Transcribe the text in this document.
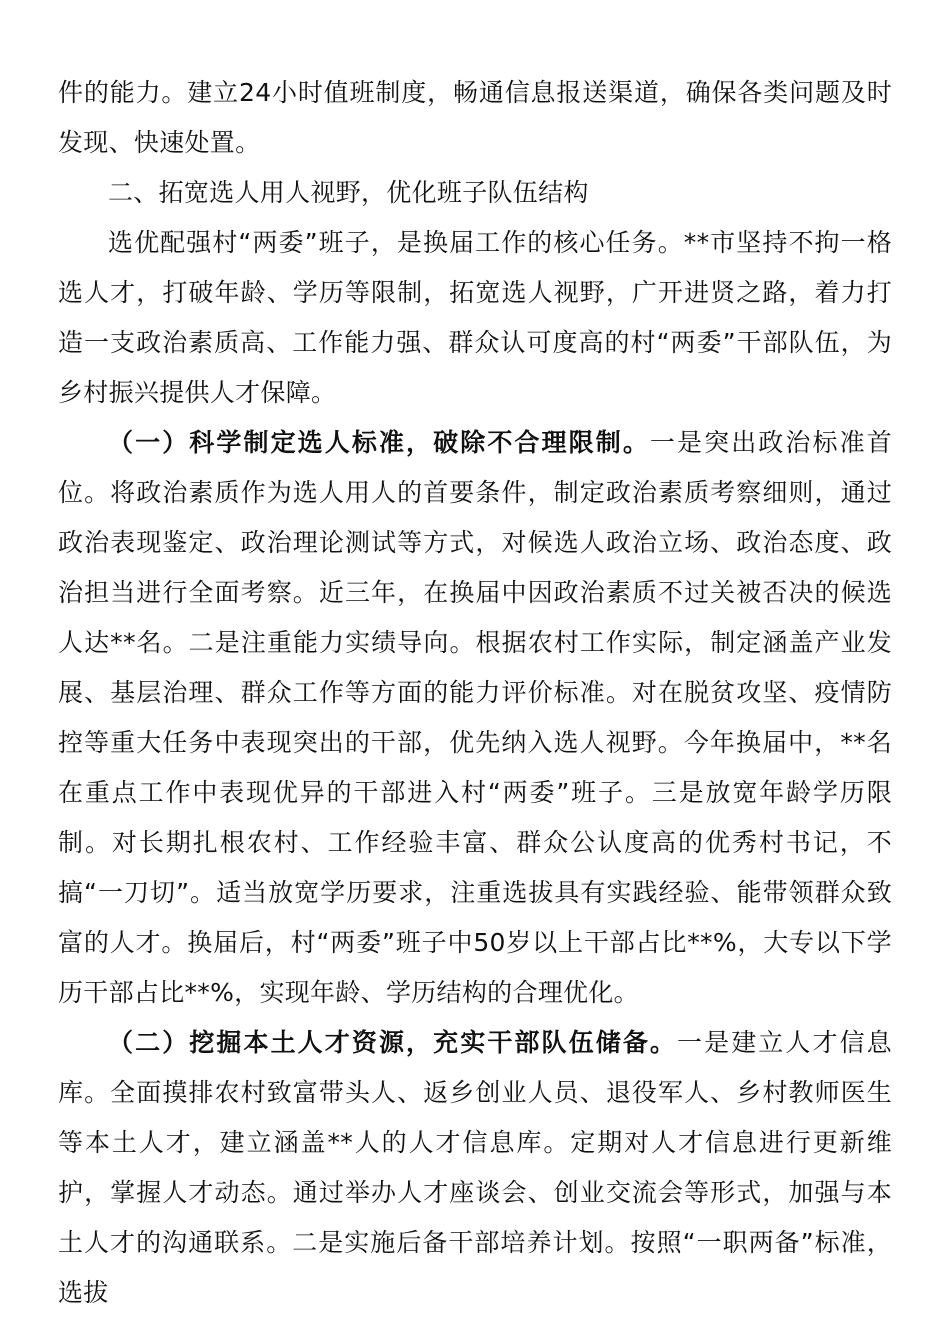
件的能力。建立24小时值班制度，畅通信息报送渠道，确保各类问题及时发现、快速处置。

二、拓宽选人用人视野，优化班子队伍结构

选优配强村“两委”班子，是换届工作的核心任务。**市坚持不拘一格选人才，打破年龄、学历等限制，拓宽选人视野，广开进贤之路，着力打造一支政治素质高、工作能力强、群众认可度高的村“两委”干部队伍，为乡村振兴提供人才保障。

（一）科学制定选人标准，破除不合理限制。一是突出政治标准首位。将政治素质作为选人用人的首要条件，制定政治素质考察细则，通过政治表现鉴定、政治理论测试等方式，对候选人政治立场、政治态度、政治担当进行全面考察。近三年，在换届中因政治素质不过关被否决的候选人达**名。二是注重能力实绩导向。根据农村工作实际，制定涵盖产业发展、基层治理、群众工作等方面的能力评价标准。对在脱贫攻坚、疫情防控等重大任务中表现突出的干部，优先纳入选人视野。今年换届中，**名在重点工作中表现优异的干部进入村“两委”班子。三是放宽年龄学历限制。对长期扎根农村、工作经验丰富、群众公认度高的优秀村书记，不搞“一刀切”。适当放宽学历要求，注重选拔具有实践经验、能带领群众致富的人才。换届后，村“两委”班子中50岁以上干部占比**%，大专以下学历干部占比**%，实现年龄、学历结构的合理优化。

（二）挖掘本土人才资源，充实干部队伍储备。一是建立人才信息库。全面摸排农村致富带头人、返乡创业人员、退役军人、乡村教师医生等本土人才，建立涵盖**人的人才信息库。定期对人才信息进行更新维护，掌握人才动态。通过举办人才座谈会、创业交流会等形式，加强与本土人才的沟通联系。二是实施后备干部培养计划。按照“一职两备”标准，选拔
